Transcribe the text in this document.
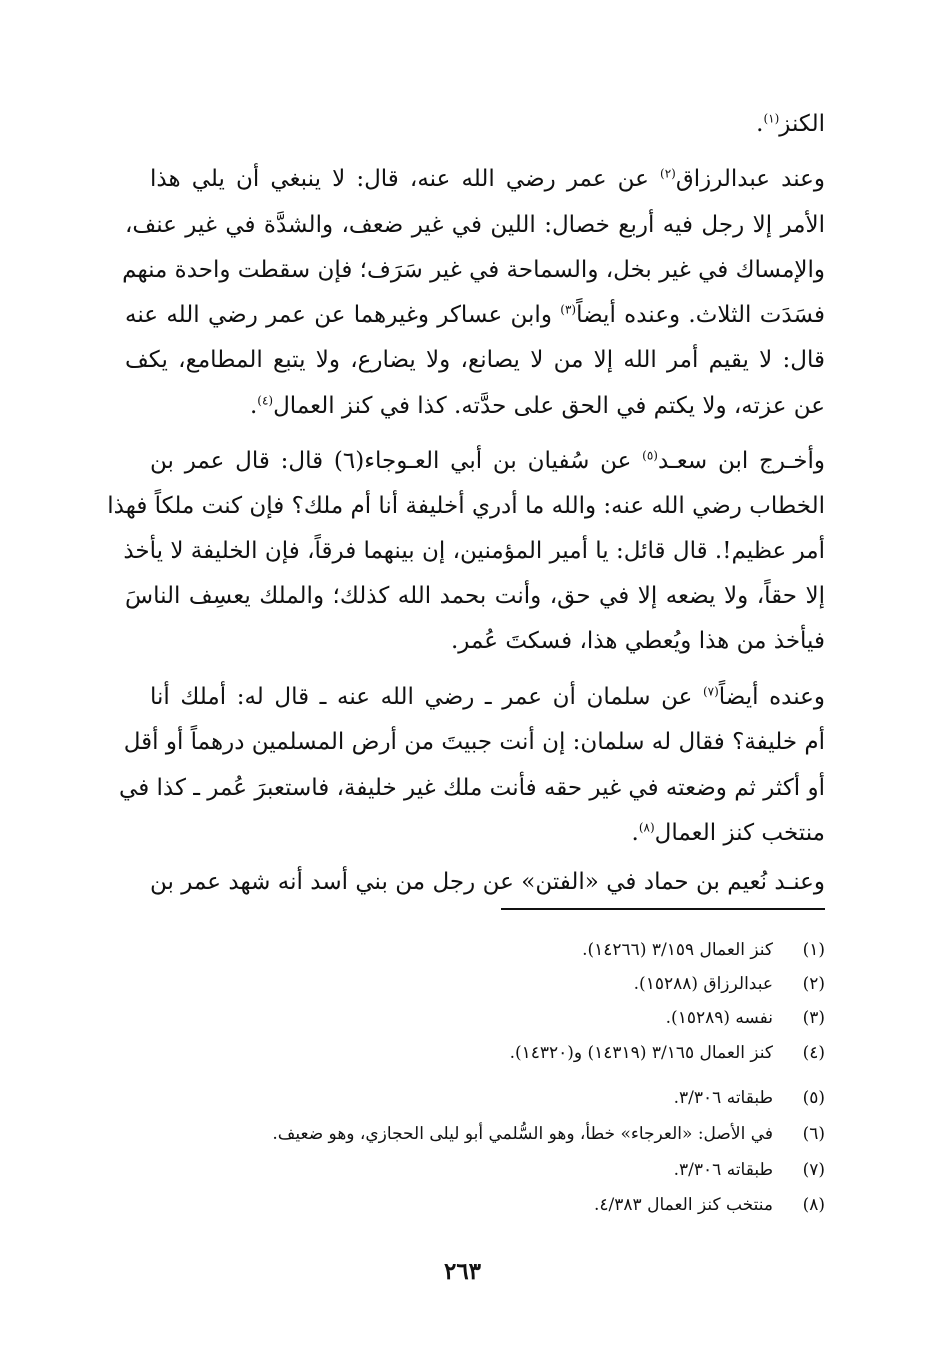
الكنز$^{(١)}$.
وعند عبدالرزاق$^{(٢)}$ عن عمر رضي الله عنه، قال: لا ينبغي أن يلي هذا
الأمر إلا رجل فيه أربع خصال: اللين في غير ضعف، والشدَّة في غير عنف،
والإمساك في غير بخل، والسماحة في غير سَرَف؛ فإن سقطت واحدة منهم
فسَدَت الثلاث. وعنده أيضاً$^{(٣)}$ وابن عساكر وغيرهما عن عمر رضي الله عنه
قال: لا يقيم أمر الله إلا من لا يصانع، ولا يضارع، ولا يتبع المطامع، يكف
عن عزته، ولا يكتم في الحق على حدَّته. كذا في كنز العمال$^{(٤)}$.
وأخـرج ابن سعـد$^{(٥)}$ عن سُفيان بن أبي العـوجاء(٦) قال: قال عمر بن
الخطاب رضي الله عنه: والله ما أدري أخليفة أنا أم ملك؟ فإن كنت ملكاً فهذا
أمر عظيم!. قال قائل: يا أمير المؤمنين، إن بينهما فرقاً، فإن الخليفة لا يأخذ
إلا حقاً، ولا يضعه إلا في حق، وأنت بحمد الله كذلك؛ والملك يعسِف الناسَ
فيأخذ من هذا ويُعطي هذا، فسكتَ عُمر.
وعنده أيضاً$^{(٧)}$ عن سلمان أن عمر ـ رضي الله عنه ـ قال له: أملك أنا
أم خليفة؟ فقال له سلمان: إن أنت جبيتَ من أرض المسلمين درهماً أو أقل
أو أكثر ثم وضعته في غير حقه فأنت ملك غير خليفة، فاستعبرَ عُمر ـ كذا في
منتخب كنز العمال$^{(٨)}$.
وعنـد نُعيم بن حماد في «الفتن» عن رجل من بني أسد أنه شهد عمر بن
(١)كنز العمال ٣/١٥٩ (١٤٢٦٦).
(٢)عبدالرزاق (١٥٢٨٨).
(٣)نفسه (١٥٢٨٩).
(٤)كنز العمال ٣/١٦٥ (١٤٣١٩) و(١٤٣٢٠).
(٥)طبقاته ٣/٣٠٦.
(٦)في الأصل: «العرجاء» خطأ، وهو السُّلمي أبو ليلى الحجازي، وهو ضعيف.
(٧)طبقاته ٣/٣٠٦.
(٨)منتخب كنز العمال ٤/٣٨٣.
٢٦٣
